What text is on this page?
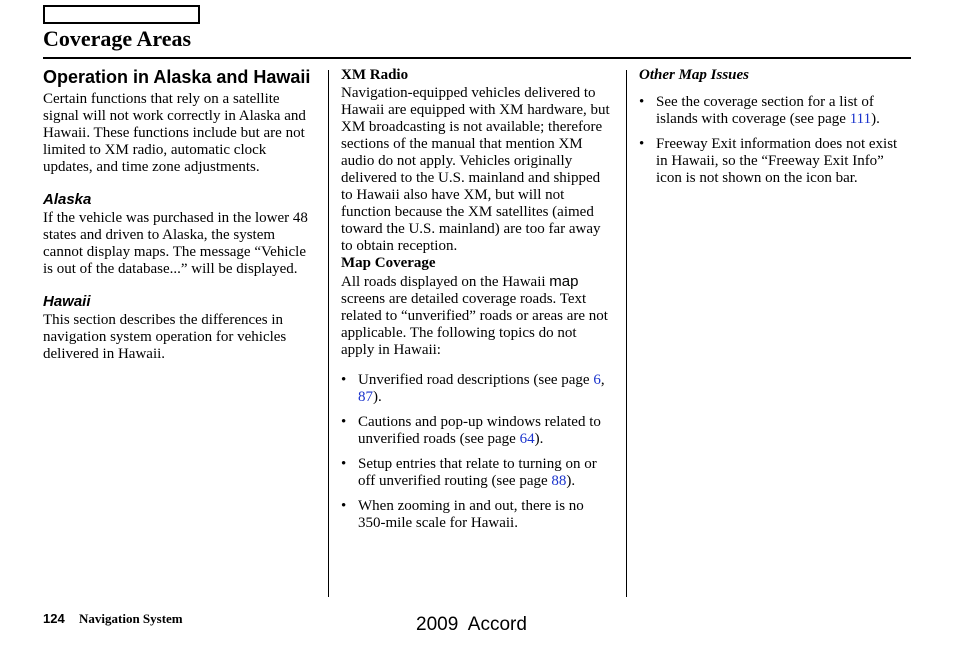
Coverage Areas
Operation in Alaska and Hawaii

Certain functions that rely on a satellite signal will not work correctly in Alaska and Hawaii. These functions include but are not limited to XM radio, automatic clock updates, and time zone adjustments.

Alaska

If the vehicle was purchased in the lower 48 states and driven to Alaska, the system cannot display maps. The message “Vehicle is out of the database...” will be displayed.

Hawaii

This section describes the differences in navigation system operation for vehicles delivered in Hawaii.

XM Radio

Navigation-equipped vehicles delivered to Hawaii are equipped with XM hardware, but XM broadcasting is not available; therefore sections of the manual that mention XM audio do not apply. Vehicles originally delivered to the U.S. mainland and shipped to Hawaii also have XM, but will not function because the XM satellites (aimed toward the U.S. mainland) are too far away to obtain reception.

Map Coverage

All roads displayed on the Hawaii map screens are detailed coverage roads. Text related to “unverified” roads or areas are not applicable. The following topics do not apply in Hawaii:

• Unverified road descriptions (see page 6, 87).
• Cautions and pop-up windows related to unverified roads (see page 64).
• Setup entries that relate to turning on or off unverified routing (see page 88).
• When zooming in and out, there is no 350-mile scale for Hawaii.
Other Map Issues
• See the coverage section for a list of islands with coverage (see page 111).
• Freeway Exit information does not exist in Hawaii, so the “Freeway Exit Info” icon is not shown on the icon bar.
124 Navigation System	2009  Accord
